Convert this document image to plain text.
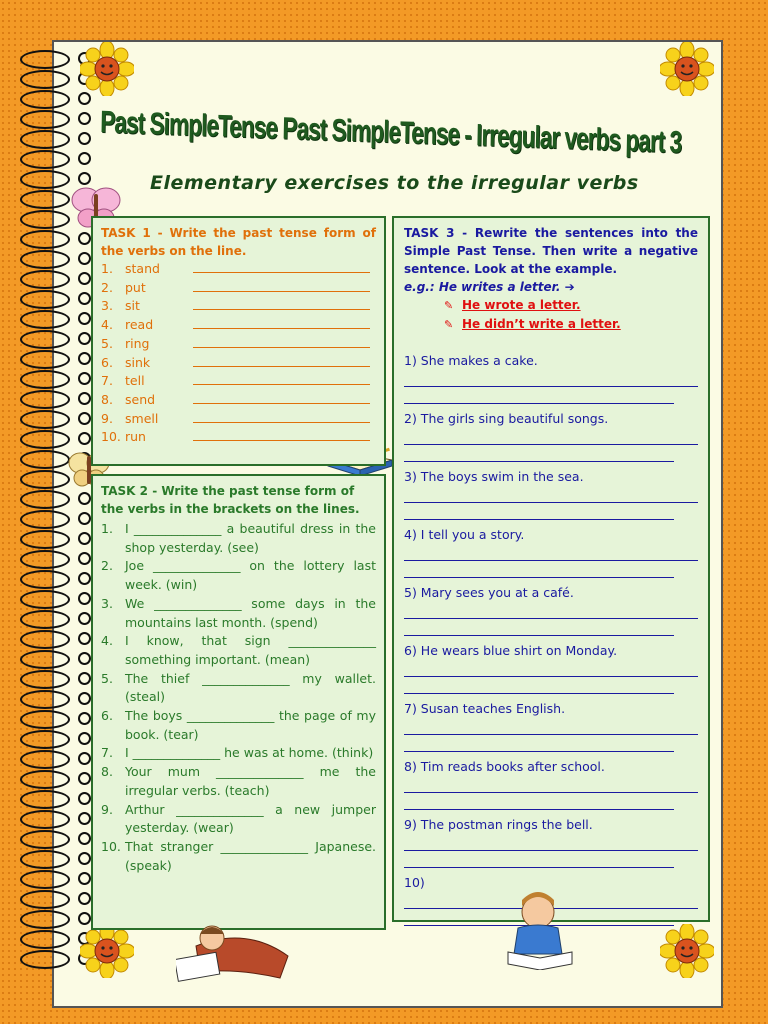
Past SimpleTense Past SimpleTense - Irregular verbs part 3
Elementary exercises to the irregular verbs
TASK 1 - Write the past tense form of the verbs on the line.
1. stand
2. put
3. sit
4. read
5. ring
6. sink
7. tell
8. send
9. smell
10. run
TASK 2 - Write the past tense form of the verbs in the brackets on the lines.
1. I ______________ a beautiful dress in the shop yesterday. (see)
2. Joe ______________ on the lottery last week. (win)
3. We ______________ some days in the mountains last month. (spend)
4. I know, that sign ______________ something important. (mean)
5. The thief ______________ my wallet. (steal)
6. The boys ______________ the page of my book. (tear)
7. I ______________ he was at home. (think)
8. Your mum ______________ me the irregular verbs. (teach)
9. Arthur ______________ a new jumper yesterday. (wear)
10. That stranger ______________ Japanese. (speak)
TASK 3 - Rewrite the sentences into the Simple Past Tense. Then write a negative sentence. Look at the example.
e.g.: He writes a letter. ➔
✎ He wrote a letter.
✎ He didn’t write a letter.
1) She makes a cake.
2) The girls sing beautiful songs.
3) The boys swim in the sea.
4) I tell you a story.
5) Mary sees you at a café.
6) He wears blue shirt on Monday.
7) Susan teaches English.
8) Tim reads books after school.
9) The postman rings the bell.
10)
